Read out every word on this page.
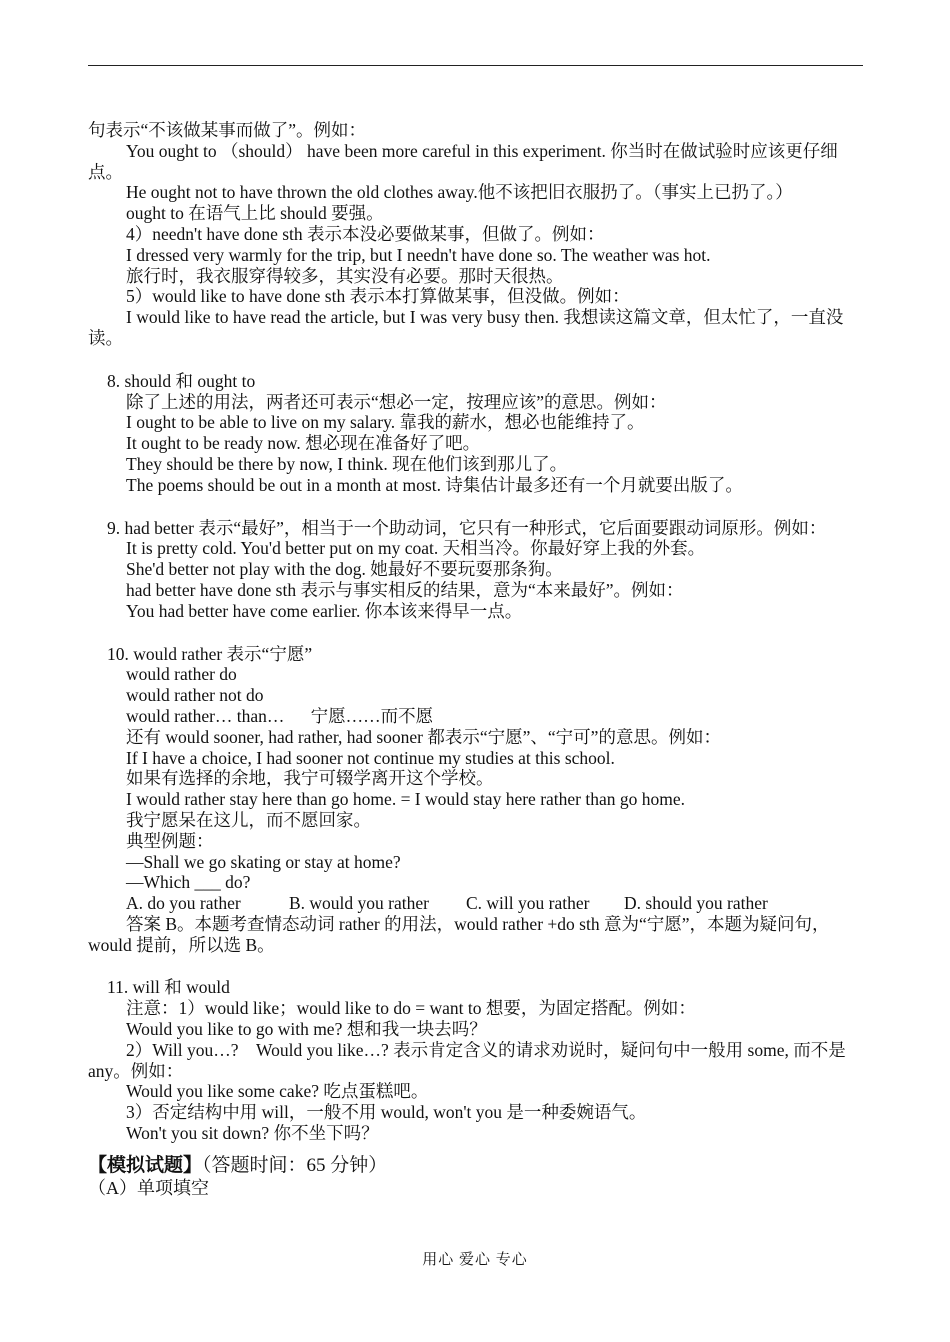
句表示“不该做某事而做了”。例如：
You ought to （should） have been more careful in this experiment. 你当时在做试验时应该更仔细点。
He ought not to have thrown the old clothes away.他不该把旧衣服扔了。（事实上已扔了。）
ought to 在语气上比 should 要强。
4）needn't have done sth 表示本没必要做某事，但做了。例如：
I dressed very warmly for the trip, but I needn't have done so. The weather was hot.
旅行时，我衣服穿得较多，其实没有必要。那时天很热。
5）would like to have done sth 表示本打算做某事，但没做。例如：
I would like to have read the article, but I was very busy then. 我想读这篇文章，但太忙了，一直没读。
8. should 和 ought to
除了上述的用法，两者还可表示“想必一定，按理应该”的意思。例如：
I ought to be able to live on my salary. 靠我的薪水，想必也能维持了。
It ought to be ready now. 想必现在准备好了吧。
They should be there by now, I think. 现在他们该到那儿了。
The poems should be out in a month at most. 诗集估计最多还有一个月就要出版了。
9. had better 表示“最好”，相当于一个助动词，它只有一种形式，它后面要跟动词原形。例如：
It is pretty cold. You'd better put on my coat. 天相当冷。你最好穿上我的外套。
She'd better not play with the dog. 她最好不要玩耍那条狗。
had better have done sth 表示与事实相反的结果，意为“本来最好”。例如：
You had better have come earlier. 你本该来得早一点。
10. would rather 表示“宁愿”
would rather do
would rather not do
would rather… than…      宁愿……而不愿
还有 would sooner, had rather, had sooner 都表示“宁愿”、“宁可”的意思。例如：
If I have a choice, I had sooner not continue my studies at this school.
如果有选择的余地，我宁可辍学离开这个学校。
I would rather stay here than go home. = I would stay here rather than go home.
我宁愿呆在这儿，而不愿回家。
典型例题：
—Shall we go skating or stay at home?
—Which ___ do?
A. do you rather	B. would you rather C. will you rather D. should you rather
答案 B。本题考查情态动词 rather 的用法，would rather +do sth 意为“宁愿”，本题为疑问句，would 提前，所以选 B。
11. will 和 would
注意：1）would like；would like to do = want to 想要，为固定搭配。例如：
Would you like to go with me? 想和我一块去吗？
2）Will you…?　Would you like…? 表示肯定含义的请求劝说时，疑问句中一般用 some, 而不是 any。例如：
Would you like some cake? 吃点蛋糕吧。
3）否定结构中用 will，一般不用 would, won't you 是一种委婉语气。
Won't you sit down? 你不坐下吗？
【模拟试题】（答题时间：65 分钟）
（A）单项填空
用心 爱心 专心
